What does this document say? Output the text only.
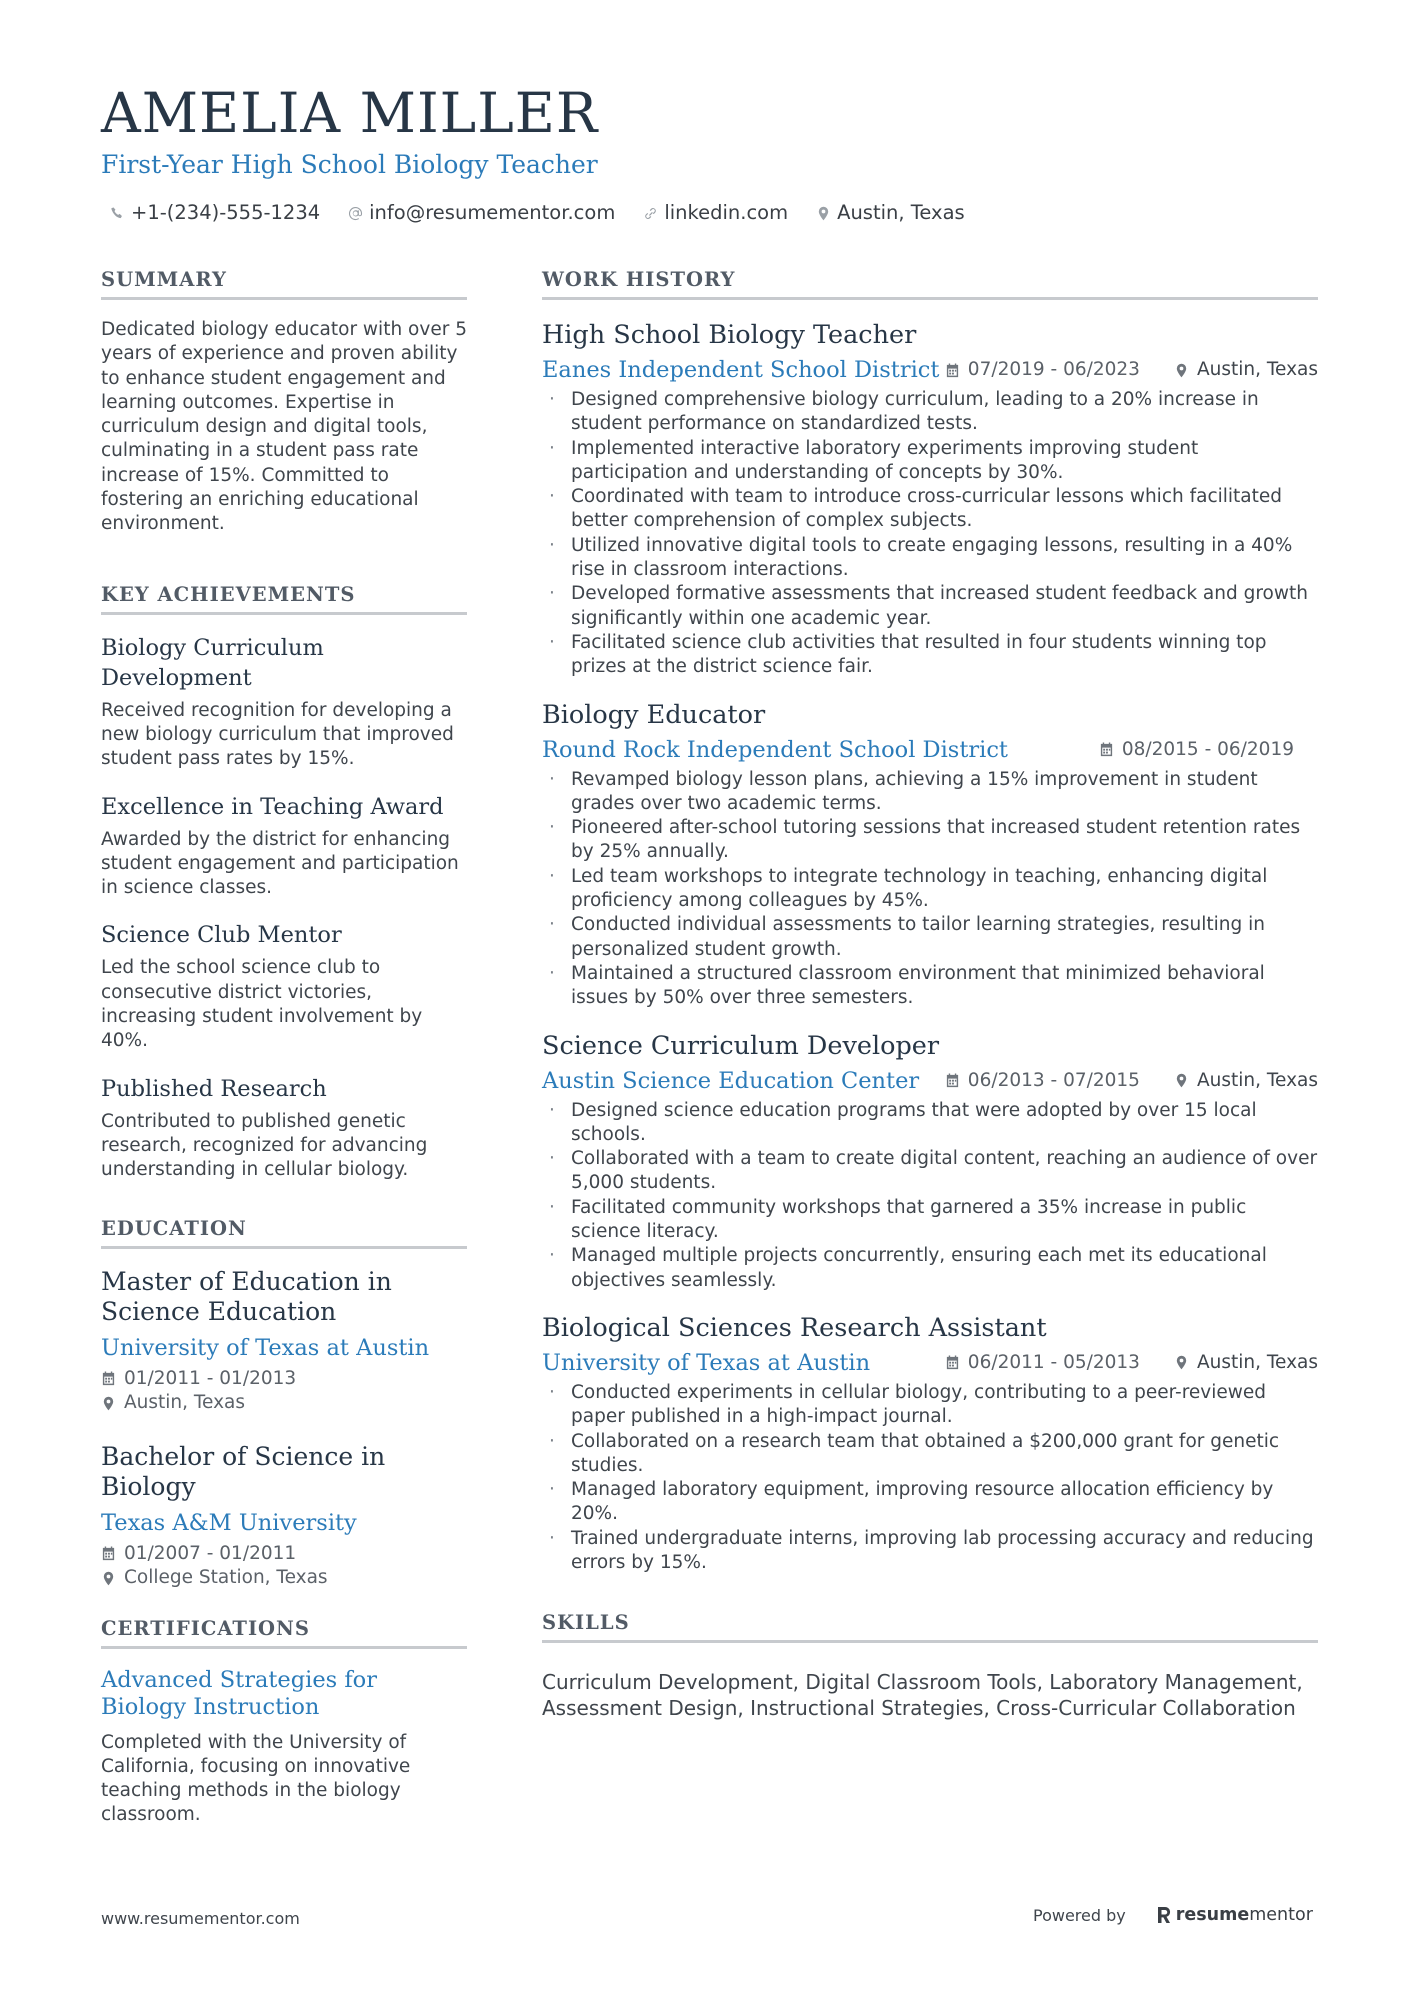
AMELIA MILLER
First-Year High School Biology Teacher
+1-(234)-555-1234	info@resumementor.com	linkedin.com	Austin, Texas
SUMMARY

Dedicated biology educator with over 5 years of experience and proven ability to enhance student engagement and learning outcomes. Expertise in curriculum design and digital tools, culminating in a student pass rate increase of 15%. Committed to fostering an enriching educational environment.

KEY ACHIEVEMENTS
Biology Curriculum Development

Received recognition for developing a new biology curriculum that improved student pass rates by 15%.

Excellence in Teaching Award

Awarded by the district for enhancing student engagement and participation in science classes.

Science Club Mentor

Led the school science club to consecutive district victories, increasing student involvement by 40%.

Published Research

Contributed to published genetic research, recognized for advancing understanding in cellular biology.

EDUCATION
Master of Education in Science Education
University of Texas at Austin
01/2011 - 01/2013
Austin, Texas
Bachelor of Science in Biology
Texas A&M University
01/2007 - 01/2011
College Station, Texas
CERTIFICATIONS
Advanced Strategies for Biology Instruction

Completed with the University of California, focusing on innovative teaching methods in the biology classroom.

WORK HISTORY
High School Biology Teacher
Eanes Independent School District 07/2019 - 06/2023	Austin, Texas
· Designed comprehensive biology curriculum, leading to a 20% increase in student performance on standardized tests.
· Implemented interactive laboratory experiments improving student participation and understanding of concepts by 30%.
· Coordinated with team to introduce cross-curricular lessons which facilitated better comprehension of complex subjects.
· Utilized innovative digital tools to create engaging lessons, resulting in a 40% rise in classroom interactions.
· Developed formative assessments that increased student feedback and growth significantly within one academic year.
· Facilitated science club activities that resulted in four students winning top prizes at the district science fair.
Biology Educator
Round Rock Independent School District	08/2015 - 06/2019
· Revamped biology lesson plans, achieving a 15% improvement in student grades over two academic terms.
· Pioneered after-school tutoring sessions that increased student retention rates by 25% annually.
· Led team workshops to integrate technology in teaching, enhancing digital proficiency among colleagues by 45%.
· Conducted individual assessments to tailor learning strategies, resulting in personalized student growth.
· Maintained a structured classroom environment that minimized behavioral issues by 50% over three semesters.
Science Curriculum Developer
Austin Science Education Center	06/2013 - 07/2015	Austin, Texas
· Designed science education programs that were adopted by over 15 local schools.
· Collaborated with a team to create digital content, reaching an audience of over 5,000 students.
· Facilitated community workshops that garnered a 35% increase in public science literacy.
· Managed multiple projects concurrently, ensuring each met its educational objectives seamlessly.
Biological Sciences Research Assistant
University of Texas at Austin	06/2011 - 05/2013	Austin, Texas
· Conducted experiments in cellular biology, contributing to a peer-reviewed paper published in a high-impact journal.
· Collaborated on a research team that obtained a $200,000 grant for genetic studies.
· Managed laboratory equipment, improving resource allocation efficiency by 20%.
· Trained undergraduate interns, improving lab processing accuracy and reducing errors by 15%.
SKILLS

Curriculum Development, Digital Classroom Tools, Laboratory Management, Assessment Design, Instructional Strategies, Cross-Curricular Collaboration

www.resumementor.com	Powered by	resumementor
